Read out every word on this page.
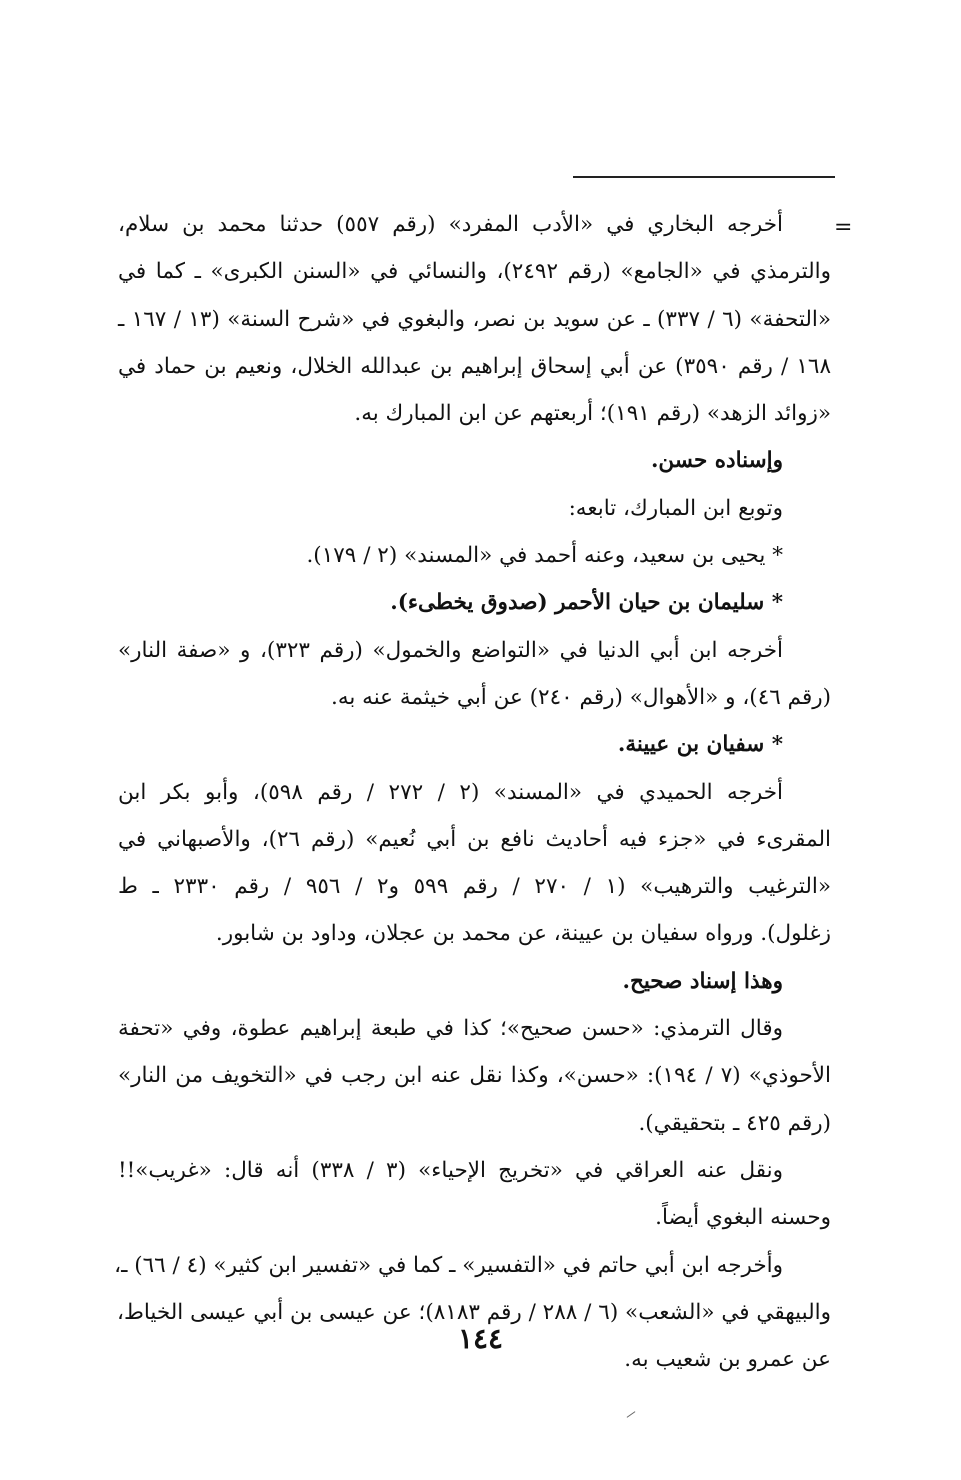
=
أخرجه البخاري في «الأدب المفرد» (رقم ٥٥٧) حدثنا محمد بن سلام،
والترمذي في «الجامع» (رقم ٢٤٩٢)، والنسائي في «السنن الكبرى» ـ كما في
«التحفة» (٦ / ٣٣٧) ـ عن سويد بن نصر، والبغوي في «شرح السنة» (١٣ / ١٦٧ ـ
١٦٨ / رقم ٣٥٩٠) عن أبي إسحاق إبراهيم بن عبدالله الخلال، ونعيم بن حماد في
«زوائد الزهد» (رقم ١٩١)؛ أربعتهم عن ابن المبارك به.
وإسناده حسن.
وتوبع ابن المبارك، تابعه:
* يحيى بن سعيد، وعنه أحمد في «المسند» (٢ / ١٧٩).
* سليمان بن حيان الأحمر (صدوق يخطىء).
أخرجه ابن أبي الدنيا في «التواضع والخمول» (رقم ٣٢٣)، و «صفة النار»
(رقم ٤٦)، و «الأهوال» (رقم ٢٤٠) عن أبي خيثمة عنه به.
* سفيان بن عيينة.
أخرجه الحميدي في «المسند» (٢ / ٢٧٢ / رقم ٥٩٨)، وأبو بكر ابن
المقرىء في «جزء فيه أحاديث نافع بن أبي نُعيم» (رقم ٢٦)، والأصبهاني في
«الترغيب والترهيب» (١ / ٢٧٠ / رقم ٥٩٩ و٢ / ٩٥٦ / رقم ٢٣٣٠ ـ ط
زغلول). ورواه سفيان بن عيينة، عن محمد بن عجلان، وداود بن شابور.
وهذا إسناد صحيح.
وقال الترمذي: «حسن صحيح»؛ كذا في طبعة إبراهيم عطوة، وفي «تحفة
الأحوذي» (٧ / ١٩٤): «حسن»، وكذا نقل عنه ابن رجب في «التخويف من النار»
(رقم ٤٢٥ ـ بتحقيقي).
ونقل عنه العراقي في «تخريج الإحياء» (٣ / ٣٣٨) أنه قال: «غريب»!!
وحسنه البغوي أيضاً.
وأخرجه ابن أبي حاتم في «التفسير» ـ كما في «تفسير ابن كثير» (٤ / ٦٦) ـ،
والبيهقي في «الشعب» (٦ / ٢٨٨ / رقم ٨١٨٣)؛ عن عيسى بن أبي عيسى الخياط،
عن عمرو بن شعيب به.
١٤٤
